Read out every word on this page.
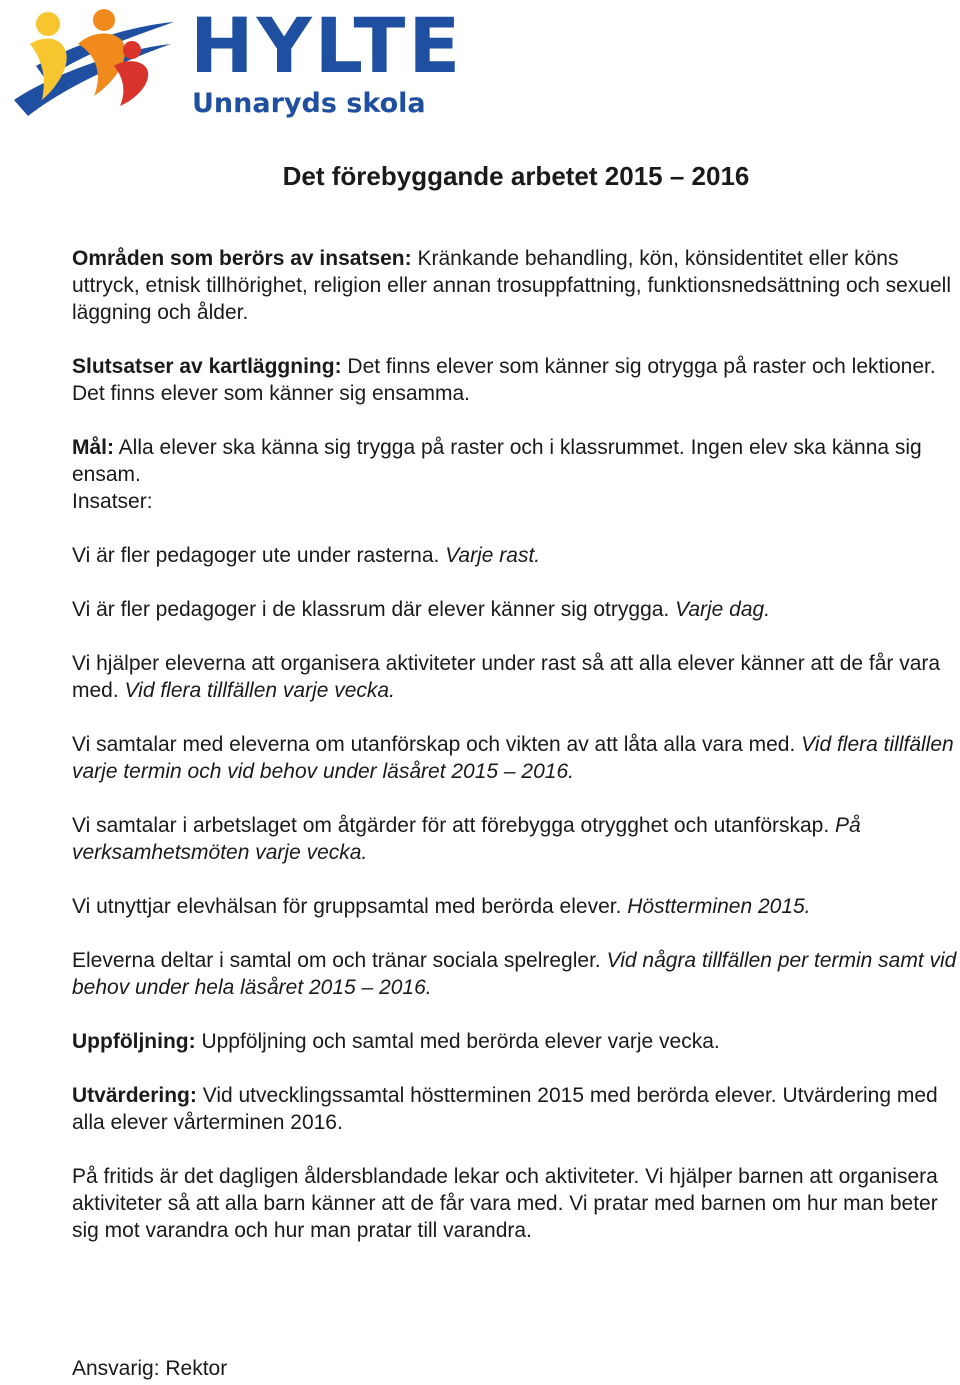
HYLTE
Unnaryds skola
Det förebyggande arbetet 2015 – 2016

Områden som berörs av insatsen: Kränkande behandling, kön, könsidentitet eller köns uttryck, etnisk tillhörighet, religion eller annan trosuppfattning, funktionsnedsättning och sexuell läggning och ålder.

Slutsatser av kartläggning: Det finns elever som känner sig otrygga på raster och lektioner. Det finns elever som känner sig ensamma.

Mål: Alla elever ska känna sig trygga på raster och i klassrummet. Ingen elev ska känna sig ensam.

Insatser:

Vi är fler pedagoger ute under rasterna. Varje rast.

Vi är fler pedagoger i de klassrum där elever känner sig otrygga. Varje dag.

Vi hjälper eleverna att organisera aktiviteter under rast så att alla elever känner att de får vara med. Vid flera tillfällen varje vecka.

Vi samtalar med eleverna om utanförskap och vikten av att låta alla vara med. Vid flera tillfällen varje termin och vid behov under läsåret 2015 – 2016.

Vi samtalar i arbetslaget om åtgärder för att förebygga otrygghet och utanförskap. På verksamhetsmöten varje vecka.

Vi utnyttjar elevhälsan för gruppsamtal med berörda elever. Höstterminen 2015.

Eleverna deltar i samtal om och tränar sociala spelregler. Vid några tillfällen per termin samt vid behov under hela läsåret 2015 – 2016.

Uppföljning: Uppföljning och samtal med berörda elever varje vecka.

Utvärdering: Vid utvecklingssamtal höstterminen 2015 med berörda elever. Utvärdering med alla elever vårterminen 2016.

På fritids är det dagligen åldersblandade lekar och aktiviteter. Vi hjälper barnen att organisera aktiviteter så att alla barn känner att de får vara med. Vi pratar med barnen om hur man beter sig mot varandra och hur man pratar till varandra.

Ansvarig: Rektor
